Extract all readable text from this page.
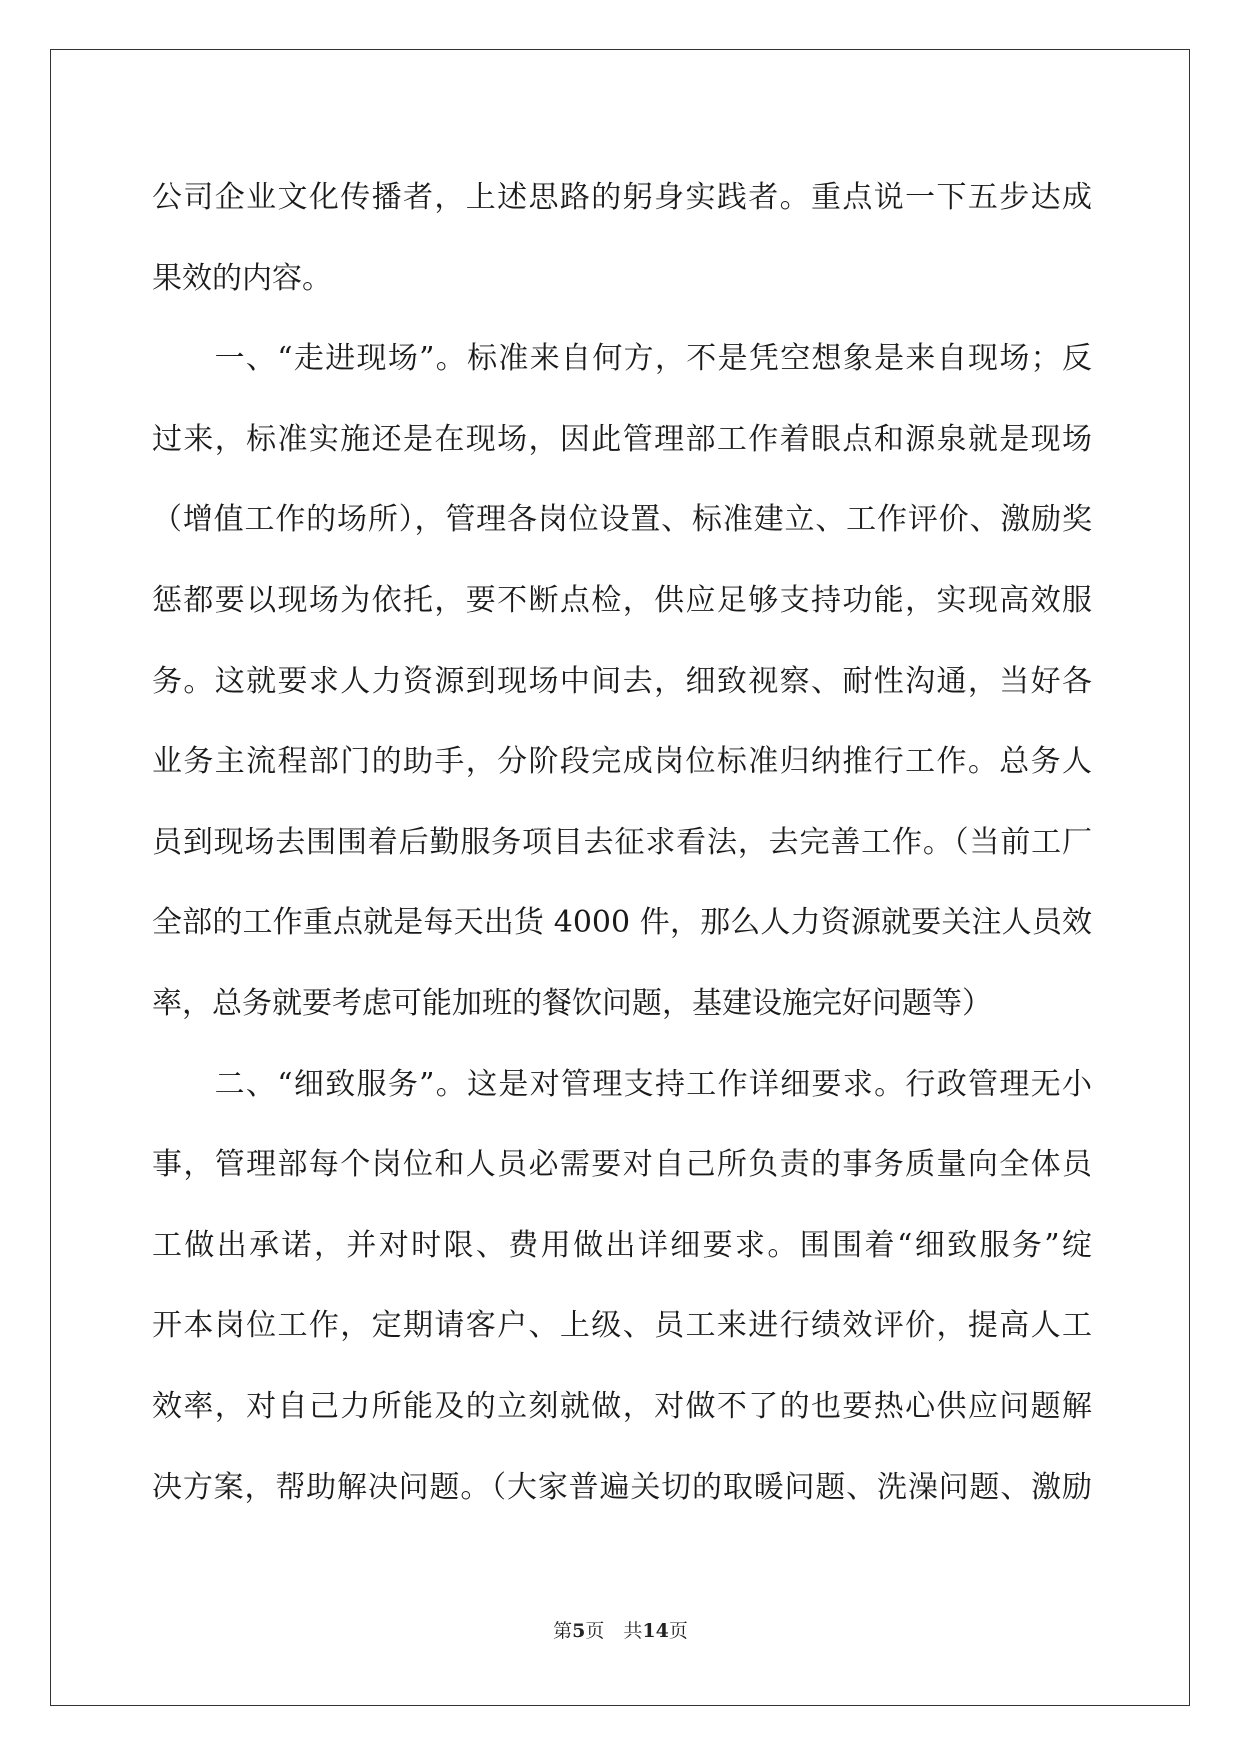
公司企业文化传播者，上述思路的躬身实践者。重点说一下五步达成
果效的内容。
　　一、“走进现场”。标准来自何方，不是凭空想象是来自现场；反
过来，标准实施还是在现场，因此管理部工作着眼点和源泉就是现场
（增值工作的场所），管理各岗位设置、标准建立、工作评价、激励奖
惩都要以现场为依托，要不断点检，供应足够支持功能，实现高效服
务。这就要求人力资源到现场中间去，细致视察、耐性沟通，当好各
业务主流程部门的助手，分阶段完成岗位标准归纳推行工作。总务人
员到现场去围围着后勤服务项目去征求看法，去完善工作。（当前工厂
全部的工作重点就是每天出货 4000 件，那么人力资源就要关注人员效
率，总务就要考虑可能加班的餐饮问题，基建设施完好问题等）
　　二、“细致服务”。这是对管理支持工作详细要求。行政管理无小
事，管理部每个岗位和人员必需要对自己所负责的事务质量向全体员
工做出承诺，并对时限、费用做出详细要求。围围着“细致服务”绽
开本岗位工作，定期请客户、上级、员工来进行绩效评价，提高人工
效率，对自己力所能及的立刻就做，对做不了的也要热心供应问题解
决方案，帮助解决问题。（大家普遍关切的取暖问题、洗澡问题、激励
第5页　共14页
